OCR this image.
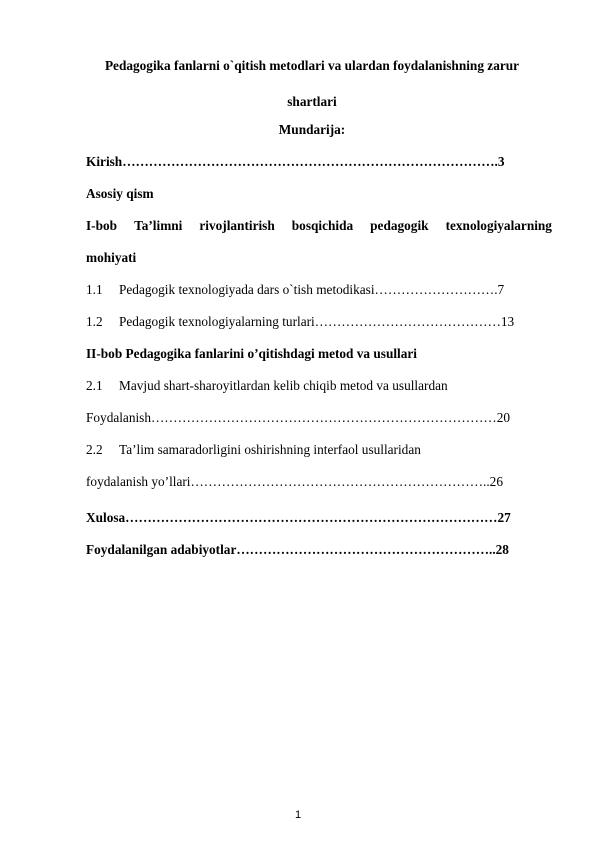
Pedagogika fanlarni o`qitish metodlari va ulardan foydalanishning zarur
shartlari
Mundarija:
Kirish………………………………………………………………………….3
Asosiy qism
I-bob Ta’limni rivojlantirish bosqichida pedagogik texnologiyalarning
mohiyati
1.1 Pedagogik texnologiyada dars o`tish metodikasi……………………….7
1.2 Pedagogik texnologiyalarning turlari……………………………………13
II-bob Pedagogika fanlarini o’qitishdagi metod va usullari
2.1 Mavjud shart-sharoyitlardan kelib chiqib metod va usullardan
Foydalanish……………………………………………………………………20
2.2 Ta’lim samaradorligini oshirishning interfaol usullaridan
foydalanish yo’llari…………………………………………………………..26
Xulosa…………………………………………………………………………27
Foydalanilgan adabiyotlar…………………………………………………..28
1
